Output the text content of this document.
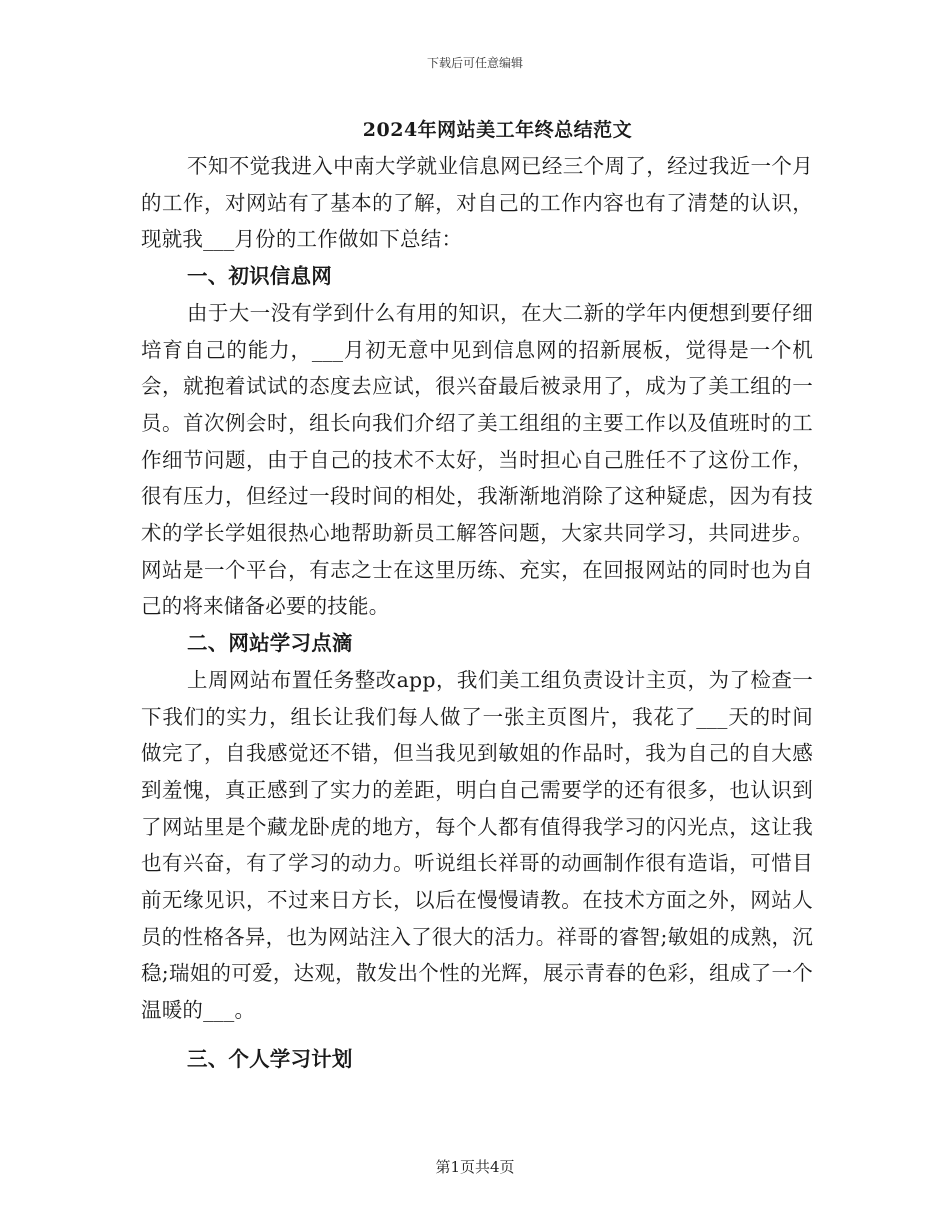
下载后可任意编辑
2024年网站美工年终总结范文

不知不觉我进入中南大学就业信息网已经三个周了，经过我近一个月的工作，对网站有了基本的了解，对自己的工作内容也有了清楚的认识，现就我___月份的工作做如下总结：

一、初识信息网

由于大一没有学到什么有用的知识，在大二新的学年内便想到要仔细培育自己的能力，___月初无意中见到信息网的招新展板，觉得是一个机会，就抱着试试的态度去应试，很兴奋最后被录用了，成为了美工组的一员。首次例会时，组长向我们介绍了美工组组的主要工作以及值班时的工作细节问题，由于自己的技术不太好，当时担心自己胜任不了这份工作，很有压力，但经过一段时间的相处，我渐渐地消除了这种疑虑，因为有技术的学长学姐很热心地帮助新员工解答问题，大家共同学习，共同进步。网站是一个平台，有志之士在这里历练、充实，在回报网站的同时也为自己的将来储备必要的技能。

二、网站学习点滴

上周网站布置任务整改app，我们美工组负责设计主页，为了检查一下我们的实力，组长让我们每人做了一张主页图片，我花了___天的时间做完了，自我感觉还不错，但当我见到敏姐的作品时，我为自己的自大感到羞愧，真正感到了实力的差距，明白自己需要学的还有很多，也认识到了网站里是个藏龙卧虎的地方，每个人都有值得我学习的闪光点，这让我也有兴奋，有了学习的动力。听说组长祥哥的动画制作很有造诣，可惜目前无缘见识，不过来日方长，以后在慢慢请教。在技术方面之外，网站人员的性格各异，也为网站注入了很大的活力。祥哥的睿智;敏姐的成熟，沉稳;瑞姐的可爱，达观，散发出个性的光辉，展示青春的色彩，组成了一个温暖的___。

三、个人学习计划

第1页共4页
